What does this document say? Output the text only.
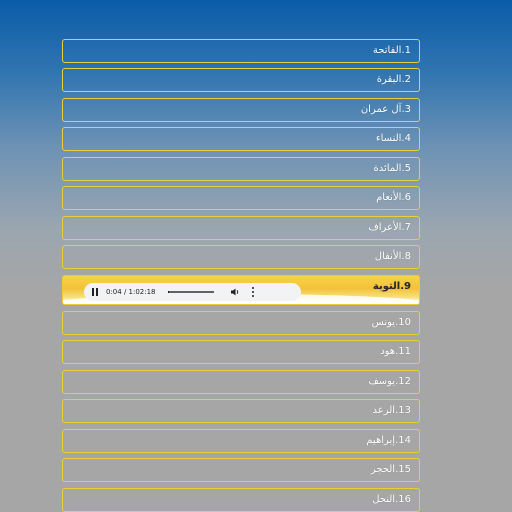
1.الفاتحة
2.البقرة
3.آل عمران
4.النساء
5.المائدة
6.الأنعام
7.الأعراف
8.الأنفال
9.التوبة
10.يونس
11.هود
12.يوسف
13.الرعد
14.إبراهيم
15.الحجر
16.النحل
0:04 / 1:02:18
